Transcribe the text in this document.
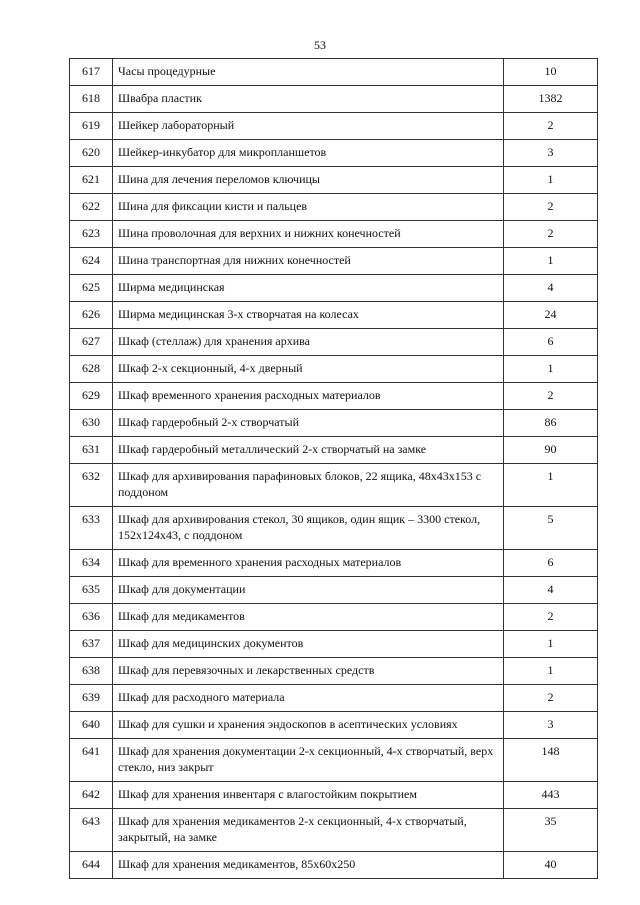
53
617	Часы процедурные	10
618	Швабра пластик	1382
619	Шейкер лабораторный	2
620	Шейкер-инкубатор для микропланшетов	3
621	Шина для лечения переломов ключицы	1
622	Шина для фиксации кисти и пальцев	2
623	Шина проволочная для верхних и нижних конечностей	2
624	Шина транспортная для нижних конечностей	1
625	Ширма медицинская	4
626	Ширма медицинская 3-х створчатая на колесах	24
627	Шкаф (стеллаж) для хранения архива	6
628	Шкаф 2-х секционный, 4-х дверный	1
629	Шкаф временного хранения расходных материалов	2
630	Шкаф гардеробный 2-х створчатый	86
631	Шкаф гардеробный металлический 2-х створчатый на замке	90
632	Шкаф для архивирования парафиновых блоков, 22 ящика, 48х43х153 с поддоном	1
633	Шкаф для архивирования стекол, 30 ящиков, один ящик – 3300 стекол, 152х124х43, с поддоном	5
634	Шкаф для временного хранения расходных материалов	6
635	Шкаф для документации	4
636	Шкаф для медикаментов	2
637	Шкаф для медицинских документов	1
638	Шкаф для перевязочных и лекарственных средств	1
639	Шкаф для расходного материала	2
640	Шкаф для сушки и хранения эндоскопов в асептических условиях	3
641	Шкаф для хранения документации 2-х секционный, 4-х створчатый, верх стекло, низ закрыт	148
642	Шкаф для хранения инвентаря с влагостойким покрытием	443
643	Шкаф для хранения медикаментов 2-х секционный, 4-х створчатый, закрытый, на замке	35
644	Шкаф для хранения медикаментов, 85х60х250	40
